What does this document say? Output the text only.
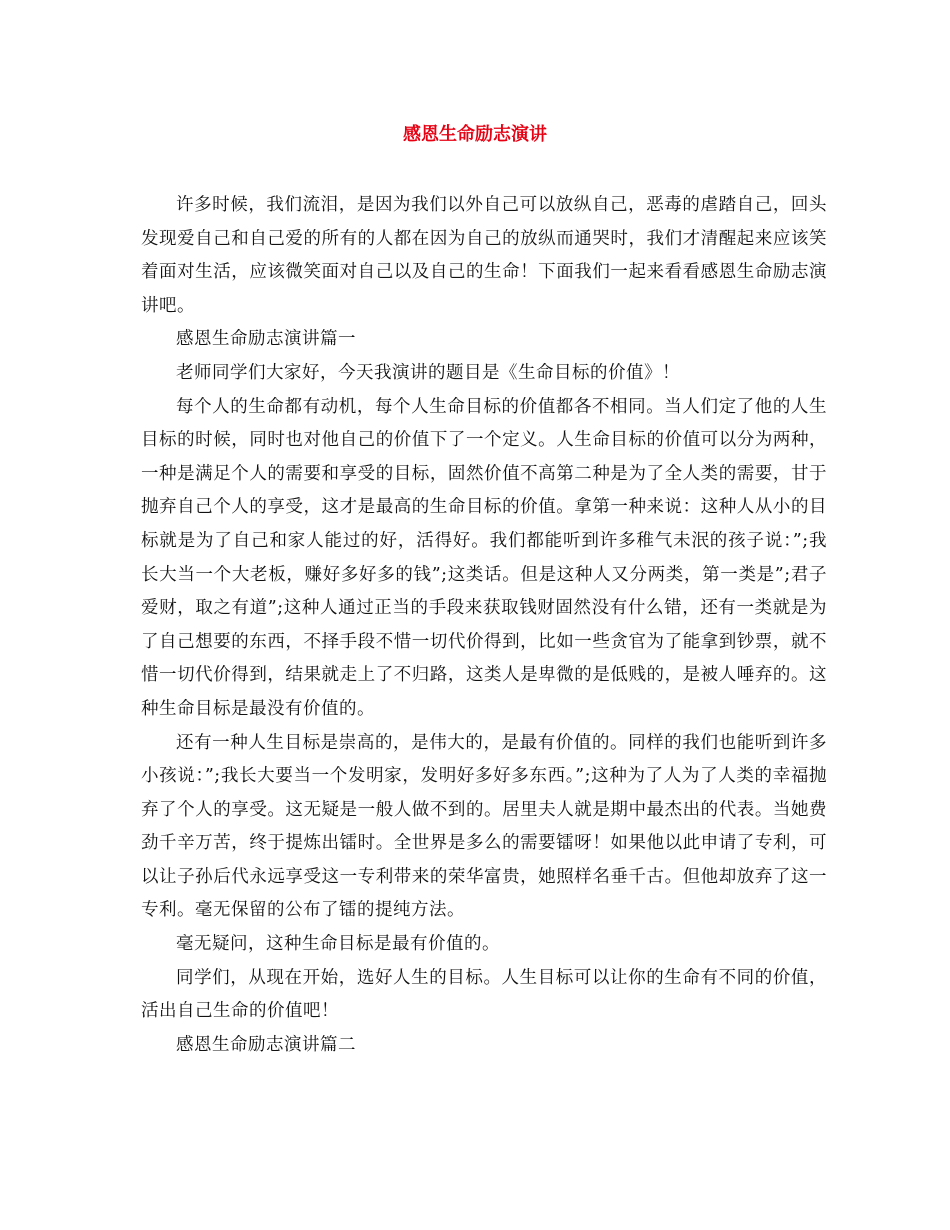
感恩生命励志演讲

许多时候，我们流泪，是因为我们以外自己可以放纵自己，恶毒的虐踏自己，回头发现爱自己和自己爱的所有的人都在因为自己的放纵而通哭时，我们才清醒起来应该笑着面对生活，应该微笑面对自己以及自己的生命！下面我们一起来看看感恩生命励志演讲吧。

感恩生命励志演讲篇一

老师同学们大家好，今天我演讲的题目是《生命目标的价值》！

每个人的生命都有动机，每个人生命目标的价值都各不相同。当人们定了他的人生目标的时候，同时也对他自己的价值下了一个定义。人生命目标的价值可以分为两种，一种是满足个人的需要和享受的目标，固然价值不高第二种是为了全人类的需要，甘于抛弃自己个人的享受，这才是最高的生命目标的价值。拿第一种来说：这种人从小的目标就是为了自己和家人能过的好，活得好。我们都能听到许多稚气未泯的孩子说：”;我长大当一个大老板，赚好多好多的钱”;这类话。但是这种人又分两类，第一类是”;君子爱财，取之有道”;这种人通过正当的手段来获取钱财固然没有什么错，还有一类就是为了自己想要的东西，不择手段不惜一切代价得到，比如一些贪官为了能拿到钞票，就不惜一切代价得到，结果就走上了不归路，这类人是卑微的是低贱的，是被人唾弃的。这种生命目标是最没有价值的。

还有一种人生目标是崇高的，是伟大的，是最有价值的。同样的我们也能听到许多小孩说：”;我长大要当一个发明家，发明好多好多东西。”;这种为了人为了人类的幸福抛弃了个人的享受。这无疑是一般人做不到的。居里夫人就是期中最杰出的代表。当她费劲千辛万苦，终于提炼出镭时。全世界是多么的需要镭呀！如果他以此申请了专利，可以让子孙后代永远享受这一专利带来的荣华富贵，她照样名垂千古。但他却放弃了这一专利。毫无保留的公布了镭的提纯方法。

毫无疑问，这种生命目标是最有价值的。

同学们，从现在开始，选好人生的目标。人生目标可以让你的生命有不同的价值，活出自己生命的价值吧！

感恩生命励志演讲篇二
